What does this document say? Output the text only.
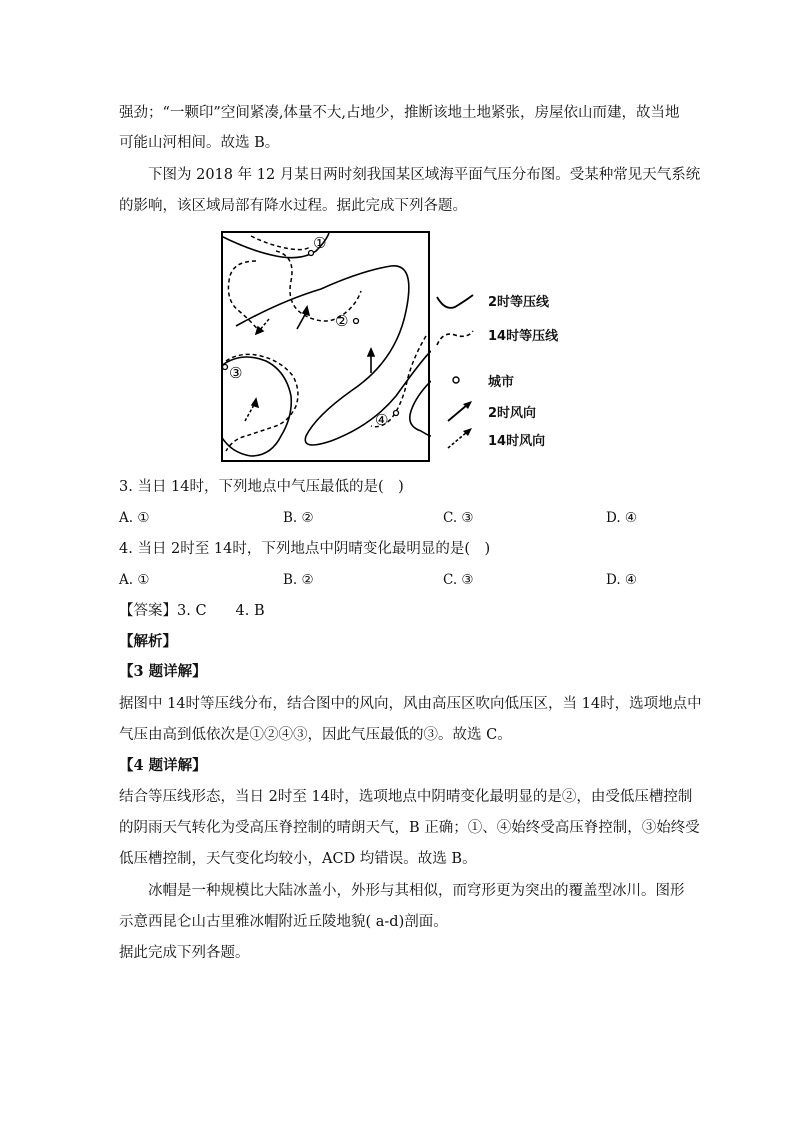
强劲；“一颗印”空间紧凑,体量不大,占地少，推断该地土地紧张，房屋依山而建，故当地
可能山河相间。故选 B。
下图为 2018 年 12 月某日两时刻我国某区域海平面气压分布图。受某种常见天气系统
的影响，该区域局部有降水过程。据此完成下列各题。
①
②
③
④
2时等压线
14时等压线
城市
2时风向
14时风向
3. 当日 14时，下列地点中气压最低的是(　)
A. ①	B. ②	C. ③	D. ④
4. 当日 2时至 14时，下列地点中阴晴变化最明显的是(　)
A. ①	B. ②	C. ③	D. ④
【答案】3. C　　4. B
【解析】
【3 题详解】
据图中 14时等压线分布，结合图中的风向，风由高压区吹向低压区，当 14时，选项地点中
气压由高到低依次是①②④③，因此气压最低的③。故选 C。
【4 题详解】
结合等压线形态，当日 2时至 14时，选项地点中阴晴变化最明显的是②，由受低压槽控制
的阴雨天气转化为受高压脊控制的晴朗天气，B 正确；①、④始终受高压脊控制，③始终受
低压槽控制，天气变化均较小，ACD 均错误。故选 B。
冰帽是一种规模比大陆冰盖小，外形与其相似，而穹形更为突出的覆盖型冰川。图形
示意西昆仑山古里雅冰帽附近丘陵地貌( a-d)剖面。
据此完成下列各题。
